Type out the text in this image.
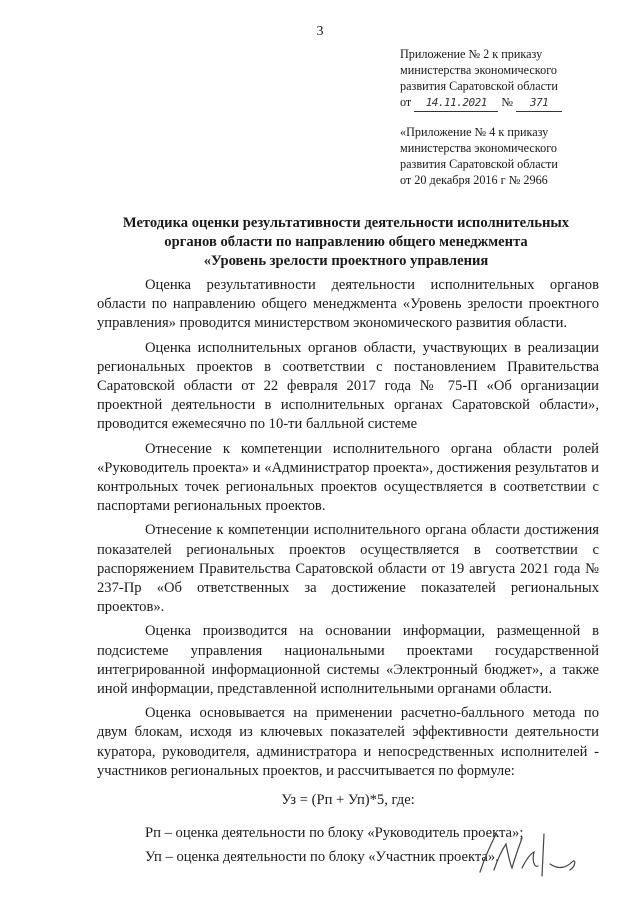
3
Приложение № 2 к приказу
министерства экономического
развития Саратовской области
от 14.11.2021 № 371
«Приложение № 4 к приказу
министерства экономического
развития Саратовской области
от 20 декабря 2016 г № 2966
Методика оценки результативности деятельности исполнительных
органов области по направлению общего менеджмента
«Уровень зрелости проектного управления

Оценка результативности деятельности исполнительных органов области по направлению общего менеджмента «Уровень зрелости проектного управления» проводится министерством экономического развития области.

Оценка исполнительных органов области, участвующих в реализации региональных проектов в соответствии с постановлением Правительства Саратовской области от 22 февраля 2017 года № 75-П «Об организации проектной деятельности в исполнительных органах Саратовской области», проводится ежемесячно по 10-ти балльной системе

Отнесение к компетенции исполнительного органа области ролей «Руководитель проекта» и «Администратор проекта», достижения результатов и контрольных точек региональных проектов осуществляется в соответствии с паспортами региональных проектов.

Отнесение к компетенции исполнительного органа области достижения показателей региональных проектов осуществляется в соответствии с распоряжением Правительства Саратовской области от 19 августа 2021 года № 237-Пр «Об ответственных за достижение показателей региональных проектов».

Оценка производится на основании информации, размещенной в подсистеме управления национальными проектами государственной интегрированной информационной системы «Электронный бюджет», а также иной информации, представленной исполнительными органами области.

Оценка основывается на применении расчетно-балльного метода по двум блокам, исходя из ключевых показателей эффективности деятельности куратора, руководителя, администратора и непосредственных исполнителей - участников региональных проектов, и рассчитывается по формуле:

Уз = (Рп + Уп)*5, где:

Рп – оценка деятельности по блоку «Руководитель проекта»;

Уп – оценка деятельности по блоку «Участник проекта».
